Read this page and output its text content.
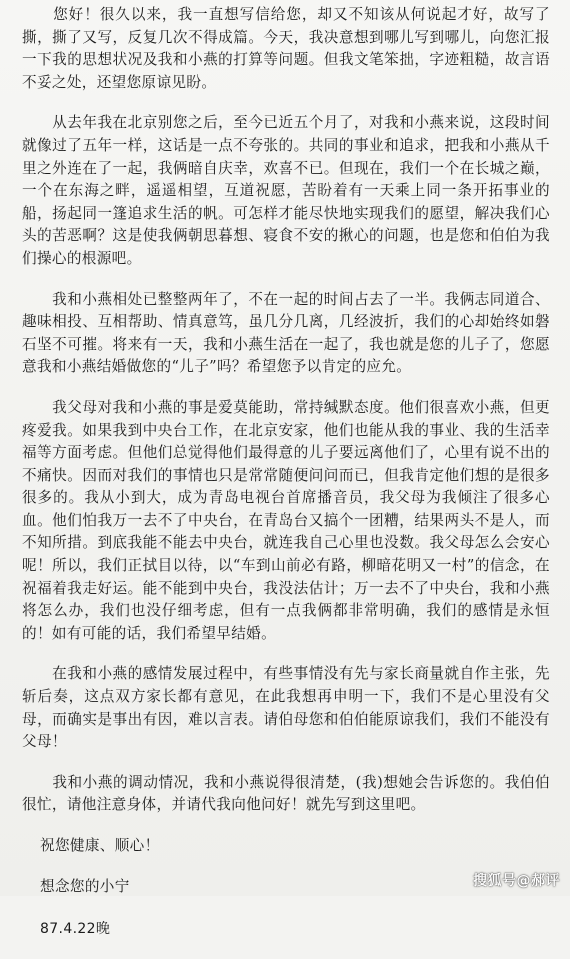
　　您好！很久以来，我一直想写信给您，却又不知该从何说起才好，故写了撕，撕了又写，反复几次不得成篇。今天，我决意想到哪儿写到哪儿，向您汇报一下我的思想状况及我和小燕的打算等问题。但我文笔笨拙，字迹粗糙，故言语不妥之处，还望您原谅见盼。

　　从去年我在北京别您之后，至今已近五个月了，对我和小燕来说，这段时间就像过了五年一样，这话是一点不夸张的。共同的事业和追求，把我和小燕从千里之外连在了一起，我俩暗自庆幸，欢喜不已。但现在，我们一个在长城之巅，一个在东海之畔，遥遥相望，互道祝愿，苦盼着有一天乘上同一条开拓事业的船，扬起同一篷追求生活的帆。可怎样才能尽快地实现我们的愿望，解决我们心头的苦恶啊？这是使我俩朝思暮想、寝食不安的揪心的问题，也是您和伯伯为我们操心的根源吧。

　　我和小燕相处已整整两年了，不在一起的时间占去了一半。我俩志同道合、趣味相投、互相帮助、情真意笃，虽几分几离，几经波折，我们的心却始终如磐石坚不可摧。将来有一天，我和小燕生活在一起了，我也就是您的儿子了，您愿意我和小燕结婚做您的“儿子”吗？希望您予以肯定的应允。

　　我父母对我和小燕的事是爱莫能助，常持缄默态度。他们很喜欢小燕，但更疼爱我。如果我到中央台工作，在北京安家，他们也能从我的事业、我的生活幸福等方面考虑。但他们总觉得他们最得意的儿子要远离他们了，心里有说不出的不痛快。因而对我们的事情也只是常常随便问问而已，但我肯定他们想的是很多很多的。我从小到大，成为青岛电视台首席播音员，我父母为我倾注了很多心血。他们怕我万一去不了中央台，在青岛台又搞个一团糟，结果两头不是人，而不知所措。到底我能不能去中央台，就连我自己心里也没数。我父母怎么会安心呢！所以，我们正拭目以待，以“车到山前必有路，柳暗花明又一村”的信念，在祝福着我走好运。能不能到中央台，我没法估计；万一去不了中央台，我和小燕将怎么办，我们也没仔细考虑，但有一点我俩都非常明确，我们的感情是永恒的！如有可能的话，我们希望早结婚。

　　在我和小燕的感情发展过程中，有些事情没有先与家长商量就自作主张，先斩后奏，这点双方家长都有意见，在此我想再申明一下，我们不是心里没有父母，而确实是事出有因，难以言表。请伯母您和伯伯能原谅我们，我们不能没有父母！

　　我和小燕的调动情况，我和小燕说得很清楚，(我)想她会告诉您的。我伯伯很忙，请他注意身体，并请代我向他问好！就先写到这里吧。

祝您健康、顺心！

想念您的小宁

87.4.22晚

搜狐号@郝评
